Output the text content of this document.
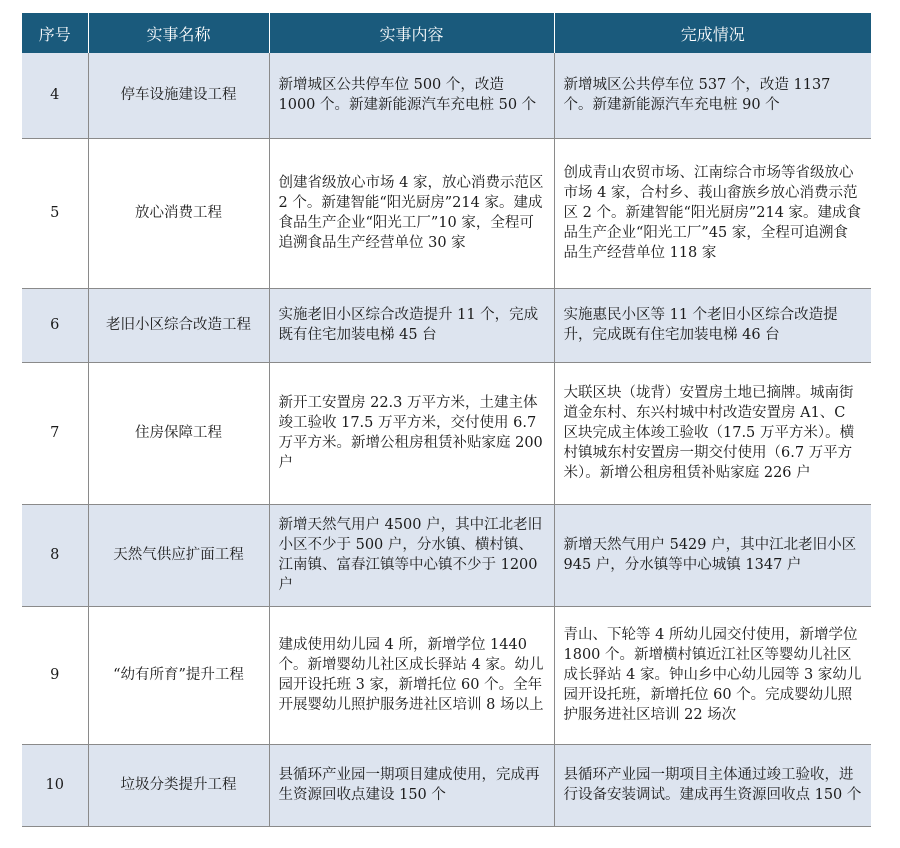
序号	实事名称	实事内容	完成情况
4	停车设施建设工程	新增城区公共停车位 500 个，改造 1000 个。新建新能源汽车充电桩 50 个	新增城区公共停车位 537 个，改造 1137 个。新建新能源汽车充电桩 90 个
5	放心消费工程	创建省级放心市场 4 家，放心消费示范区 2 个。新建智能“阳光厨房”214 家。建成食品生产企业“阳光工厂”10 家，全程可追溯食品生产经营单位 30 家	创成青山农贸市场、江南综合市场等省级放心市场 4 家，合村乡、莪山畲族乡放心消费示范区 2 个。新建智能“阳光厨房”214 家。建成食品生产企业“阳光工厂”45 家，全程可追溯食品生产经营单位 118 家
6	老旧小区综合改造工程	实施老旧小区综合改造提升 11 个，完成既有住宅加装电梯 45 台	实施惠民小区等 11 个老旧小区综合改造提升，完成既有住宅加装电梯 46 台
7	住房保障工程	新开工安置房 22.3 万平方米，土建主体竣工验收 17.5 万平方米，交付使用 6.7 万平方米。新增公租房租赁补贴家庭 200 户	大联区块（垅背）安置房土地已摘牌。城南街道金东村、东兴村城中村改造安置房 A1、C 区块完成主体竣工验收（17.5 万平方米）。横村镇城东村安置房一期交付使用（6.7 万平方米）。新增公租房租赁补贴家庭 226 户
8	天然气供应扩面工程	新增天然气用户 4500 户，其中江北老旧小区不少于 500 户，分水镇、横村镇、江南镇、富春江镇等中心镇不少于 1200 户	新增天然气用户 5429 户，其中江北老旧小区 945 户，分水镇等中心城镇 1347 户
9	“幼有所育”提升工程	建成使用幼儿园 4 所，新增学位 1440 个。新增婴幼儿社区成长驿站 4 家。幼儿园开设托班 3 家，新增托位 60 个。全年开展婴幼儿照护服务进社区培训 8 场以上	青山、下轮等 4 所幼儿园交付使用，新增学位 1800 个。新增横村镇近江社区等婴幼儿社区成长驿站 4 家。钟山乡中心幼儿园等 3 家幼儿园开设托班，新增托位 60 个。完成婴幼儿照护服务进社区培训 22 场次
10	垃圾分类提升工程	县循环产业园一期项目建成使用，完成再生资源回收点建设 150 个	县循环产业园一期项目主体通过竣工验收，进行设备安装调试。建成再生资源回收点 150 个
